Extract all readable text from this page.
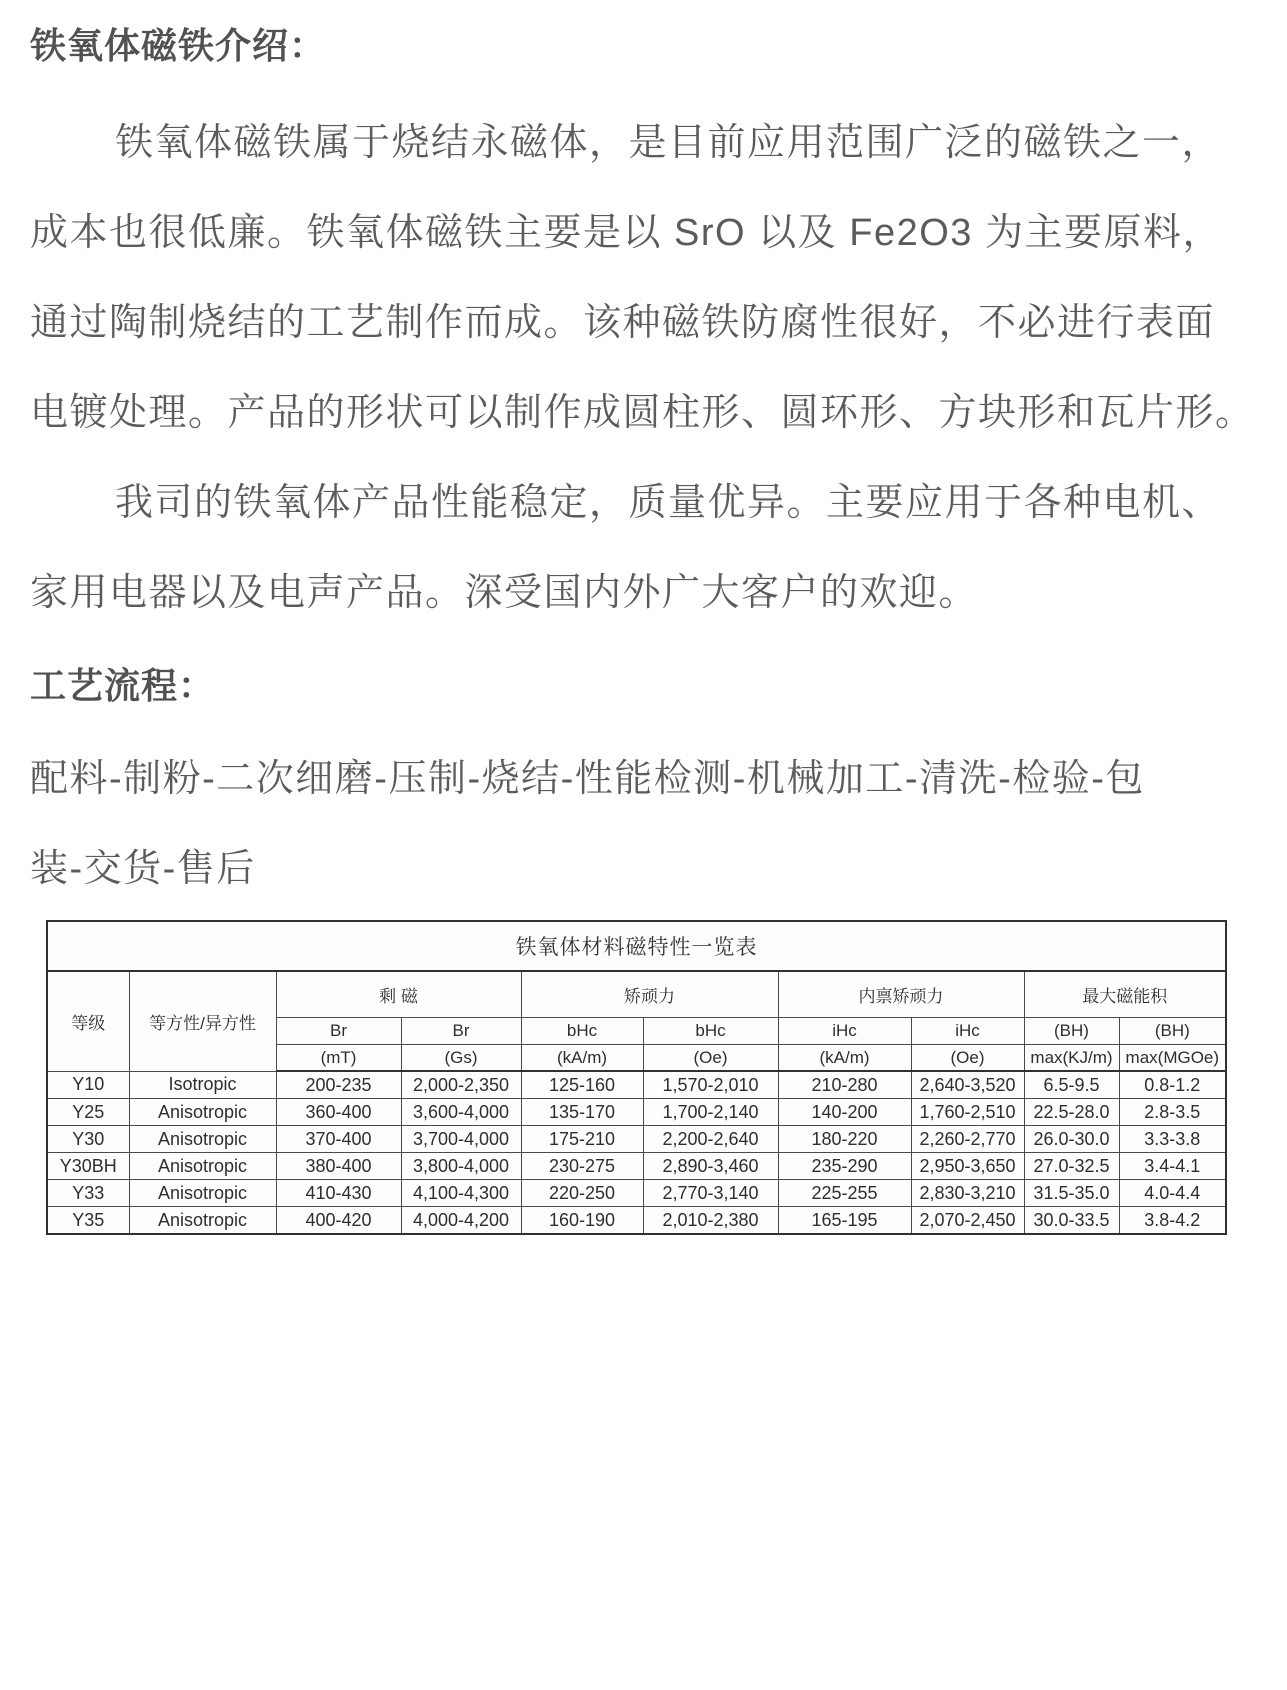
铁氧体磁铁介绍：
铁氧体磁铁属于烧结永磁体，是目前应用范围广泛的磁铁之一，
成本也很低廉。铁氧体磁铁主要是以 SrO 以及 Fe2O3 为主要原料，
通过陶制烧结的工艺制作而成。该种磁铁防腐性很好，不必进行表面
电镀处理。产品的形状可以制作成圆柱形、圆环形、方块形和瓦片形。
我司的铁氧体产品性能稳定，质量优异。主要应用于各种电机、
家用电器以及电声产品。深受国内外广大客户的欢迎。
工艺流程：
配料-制粉-二次细磨-压制-烧结-性能检测-机械加工-清洗-检验-包
装-交货-售后
铁氧体材料磁特性一览表									
等级	等方性/异方性	剩 磁		矫顽力		内禀矫顽力		最大磁能积	
		Br	Br	bHc	bHc	iHc	iHc	(BH)	(BH)
		(mT)	(Gs)	(kA/m)	(Oe)	(kA/m)	(Oe)	max(KJ/m)	max(MGOe)
Y10	Isotropic	200-235	2,000-2,350	125-160	1,570-2,010	210-280	2,640-3,520	6.5-9.5	0.8-1.2
Y25	Anisotropic	360-400	3,600-4,000	135-170	1,700-2,140	140-200	1,760-2,510	22.5-28.0	2.8-3.5
Y30	Anisotropic	370-400	3,700-4,000	175-210	2,200-2,640	180-220	2,260-2,770	26.0-30.0	3.3-3.8
Y30BH	Anisotropic	380-400	3,800-4,000	230-275	2,890-3,460	235-290	2,950-3,650	27.0-32.5	3.4-4.1
Y33	Anisotropic	410-430	4,100-4,300	220-250	2,770-3,140	225-255	2,830-3,210	31.5-35.0	4.0-4.4
Y35	Anisotropic	400-420	4,000-4,200	160-190	2,010-2,380	165-195	2,070-2,450	30.0-33.5	3.8-4.2
